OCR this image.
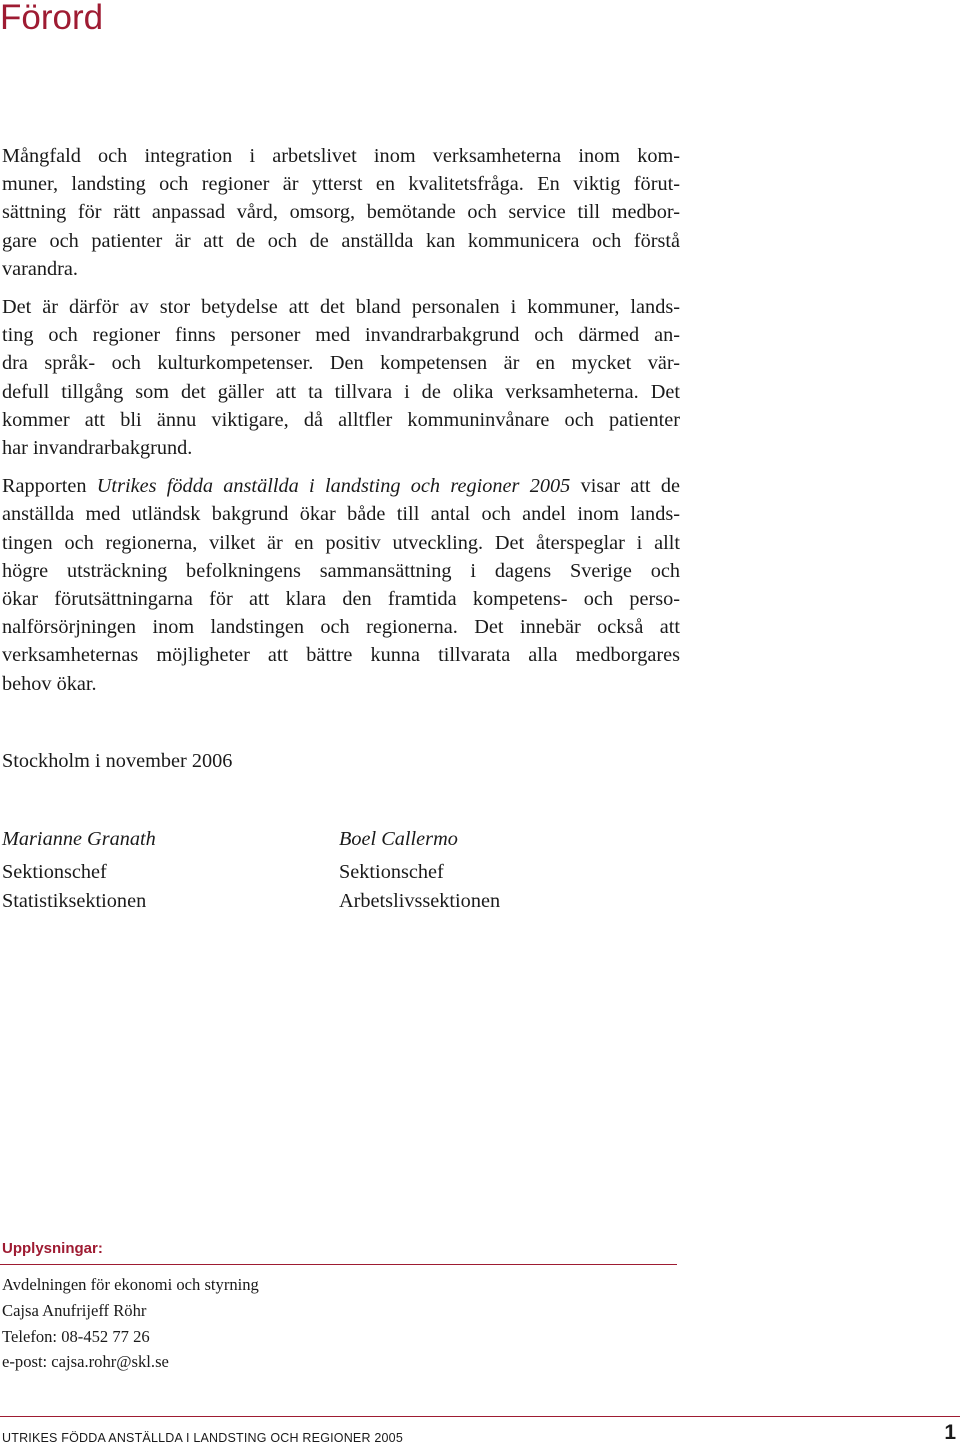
Förord

Mångfald och integration i arbetslivet inom verksamheterna inom kom-
muner, landsting och regioner är ytterst en kvalitetsfråga. En viktig förut-
sättning för rätt anpassad vård, omsorg, bemötande och service till medbor-
gare och patienter är att de och de anställda kan kommunicera och förstå
varandra.

Det är därför av stor betydelse att det bland personalen i kommuner, lands-
ting och regioner finns personer med invandrarbakgrund och därmed an-
dra språk- och kulturkompetenser. Den kompetensen är en mycket vär-
defull tillgång som det gäller att ta tillvara i de olika verksamheterna. Det
kommer att bli ännu viktigare, då alltfler kommuninvånare och patienter
har invandrarbakgrund.

Rapporten Utrikes födda anställda i landsting och regioner 2005 visar att de
anställda med utländsk bakgrund ökar både till antal och andel inom lands-
tingen och regionerna, vilket är en positiv utveckling. Det återspeglar i allt
högre utsträckning befolkningens sammansättning i dagens Sverige och
ökar förutsättningarna för att klara den framtida kompetens- och perso-
nalförsörjningen inom landstingen och regionerna. Det innebär också att
verksamheternas möjligheter att bättre kunna tillvarata alla medborgares
behov ökar.

Stockholm i november 2006
Marianne Granath
Sektionschef
Statistiksektionen
Boel Callermo
Sektionschef
Arbetslivssektionen
Upplysningar:
Avdelningen för ekonomi och styrning
Cajsa Anufrijeff Röhr
Telefon: 08-452 77 26
e-post: cajsa.rohr@skl.se
UTRIKES FÖDDA ANSTÄLLDA I LANDSTING OCH REGIONER 2005	1
